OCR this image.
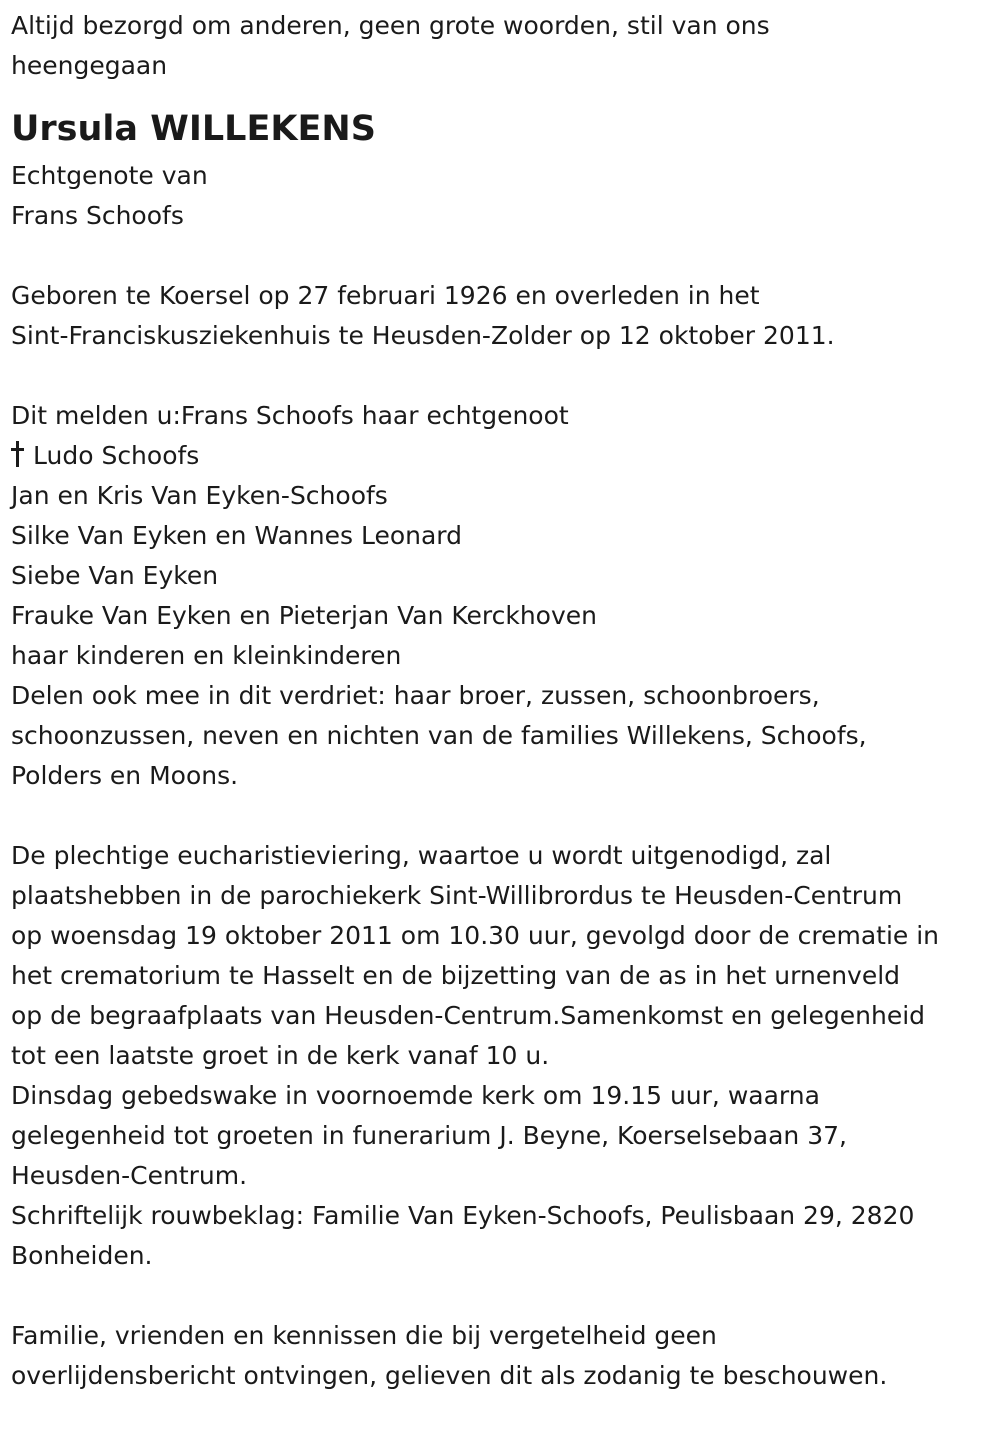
Altijd bezorgd om anderen, geen grote woorden, stil van ons
heengegaan
Ursula WILLEKENS
Echtgenote van
Frans Schoofs
Geboren te Koersel op 27 februari 1926 en overleden in het
Sint-Franciskusziekenhuis te Heusden-Zolder op 12 oktober 2011.
Dit melden u:Frans Schoofs haar echtgenoot
Ludo Schoofs
Jan en Kris Van Eyken-Schoofs
Silke Van Eyken en Wannes Leonard
Siebe Van Eyken
Frauke Van Eyken en Pieterjan Van Kerckhoven
haar kinderen en kleinkinderen
Delen ook mee in dit verdriet: haar broer, zussen, schoonbroers,
schoonzussen, neven en nichten van de families Willekens, Schoofs,
Polders en Moons.
De plechtige eucharistieviering, waartoe u wordt uitgenodigd, zal
plaatshebben in de parochiekerk Sint-Willibrordus te Heusden-Centrum
op woensdag 19 oktober 2011 om 10.30 uur, gevolgd door de crematie in
het crematorium te Hasselt en de bijzetting van de as in het urnenveld
op de begraafplaats van Heusden-Centrum.Samenkomst en gelegenheid
tot een laatste groet in de kerk vanaf 10 u.
Dinsdag gebedswake in voornoemde kerk om 19.15 uur, waarna
gelegenheid tot groeten in funerarium J. Beyne, Koerselsebaan 37,
Heusden-Centrum.
Schriftelijk rouwbeklag: Familie Van Eyken-Schoofs, Peulisbaan 29, 2820
Bonheiden.
Familie, vrienden en kennissen die bij vergetelheid geen
overlijdensbericht ontvingen, gelieven dit als zodanig te beschouwen.
